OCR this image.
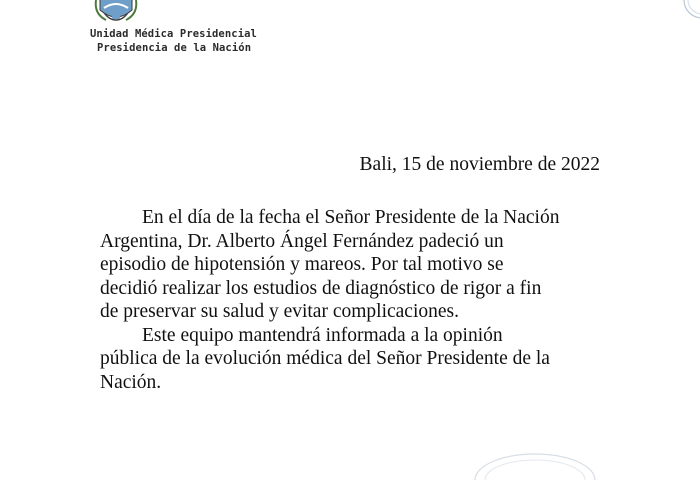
Unidad Médica Presidencial
Presidencia de la Nación
Bali, 15 de noviembre de 2022
En el día de la fecha el Señor Presidente de la Nación
Argentina, Dr. Alberto Ángel Fernández padeció un
episodio de hipotensión y mareos. Por tal motivo se
decidió realizar los estudios de diagnóstico de rigor a fin
de preservar su salud y evitar complicaciones.
Este equipo mantendrá informada a la opinión
pública de la evolución médica del Señor Presidente de la
Nación.
